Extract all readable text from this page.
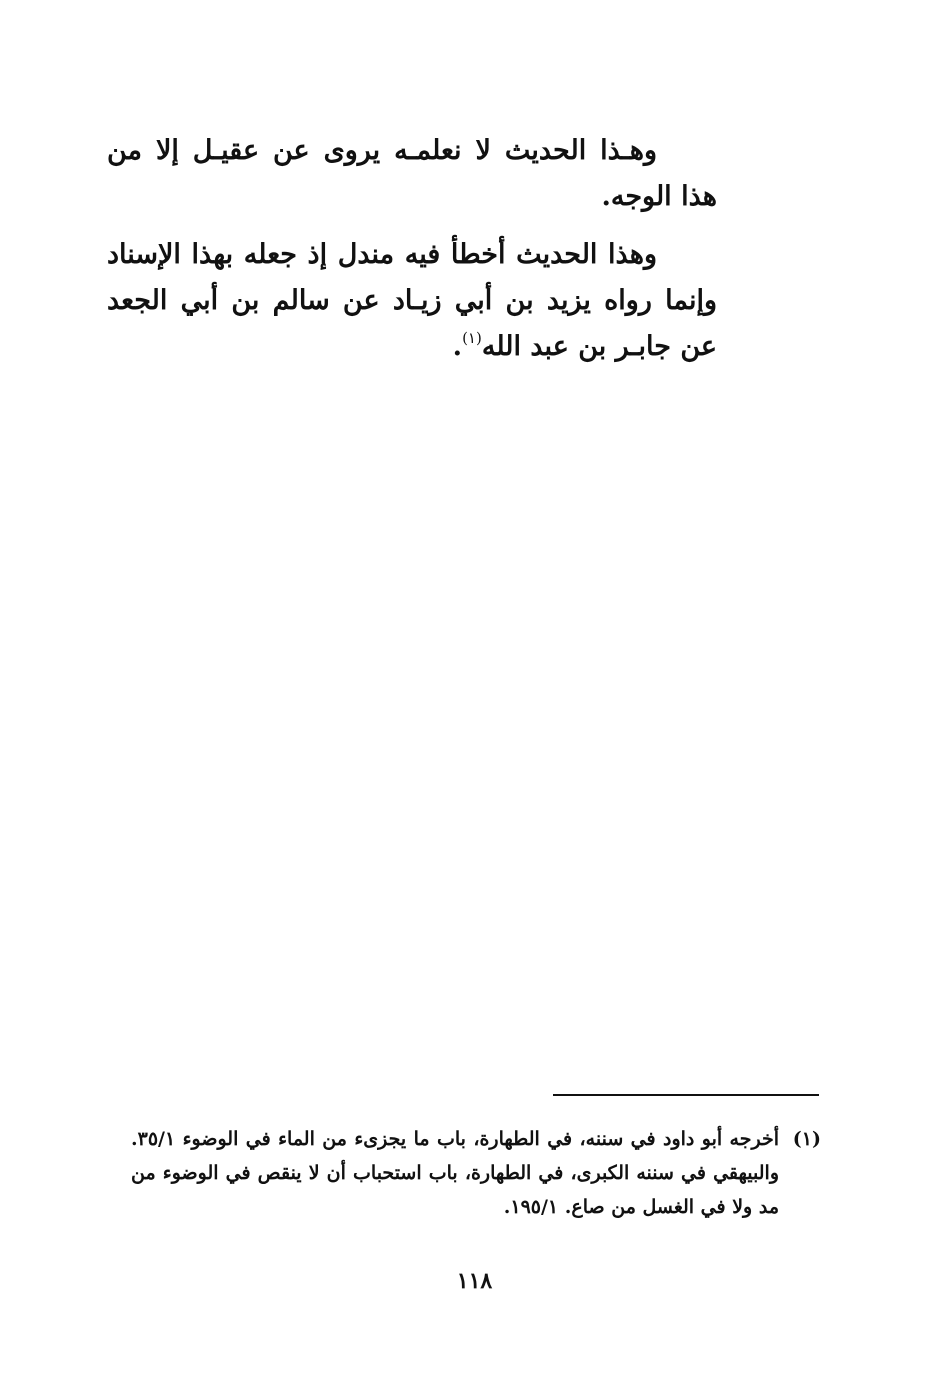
وهـذا الحديث لا نعلمـه يروى عن عقيـل إلا من هذا الوجه.

وهذا الحديث أخطأ فيه مندل إذ جعله بهذا الإسناد وإنما رواه يزيد بن أبي زيـاد عن سالم بن أبي الجعد عن جابـر بن عبد الله$^{(١)}$.

(١)
أخرجه أبو داود في سننه، في الطهارة، باب ما يجزىء من الماء في الوضوء ٣٥/١. والبيهقي في سننه الكبرى، في الطهارة، باب استحباب أن لا ينقص في الوضوء من مد ولا في الغسل من صاع. ١٩٥/١.
١١٨
